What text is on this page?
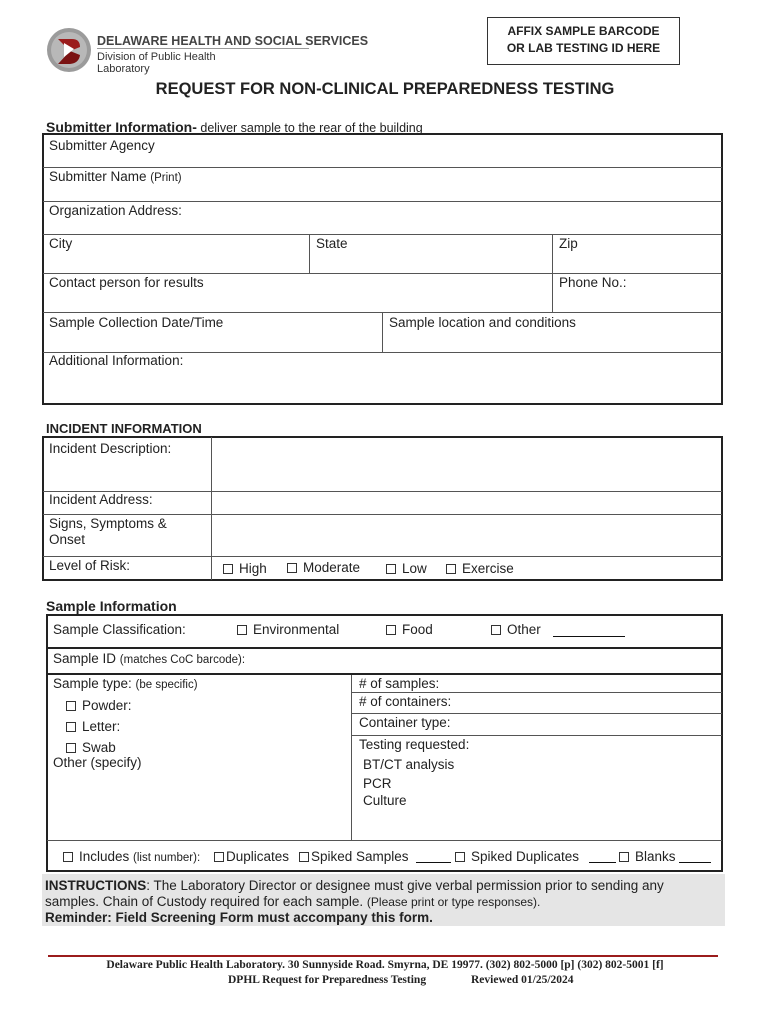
DELAWARE HEALTH AND SOCIAL SERVICES
Division of Public Health
Laboratory
AFFIX SAMPLE BARCODE
OR LAB TESTING ID HERE
REQUEST FOR NON-CLINICAL PREPAREDNESS TESTING
Submitter Information- deliver sample to the rear of the building
Submitter Agency
Submitter Name (Print)
Organization Address:
City	State	Zip
Contact person for results	Phone No.:
Sample Collection Date/Time	Sample location and conditions
Additional Information:
INCIDENT INFORMATION
Incident Description:
Incident Address:
Signs, Symptoms &
Onset
Level of Risk:	High	Moderate	Low	Exercise
Sample Information
Sample Classification:	Environmental	Food	Other
Sample ID (matches CoC barcode):
Sample type: (be specific)
Powder:
Letter:
Swab
Other (specify)
# of samples:
# of containers:
Container type:
Testing requested:
BT/CT analysis
PCR
Culture
Includes (list number):	Duplicates	Spiked Samples	Spiked Duplicates	Blanks
INSTRUCTIONS: The Laboratory Director or designee must give verbal permission prior to sending any
samples. Chain of Custody required for each sample. (Please print or type responses).
Reminder: Field Screening Form must accompany this form.
Delaware Public Health Laboratory. 30 Sunnyside Road. Smyrna, DE 19977. (302) 802-5000 [p] (302) 802-5001 [f]
DPHL Request for Preparedness Testing	Reviewed 01/25/2024
